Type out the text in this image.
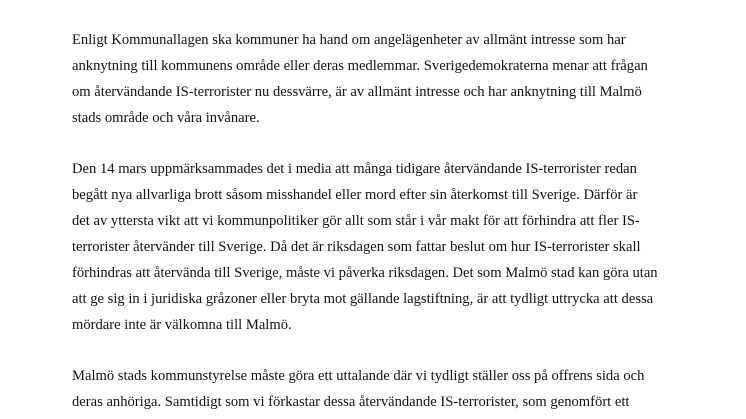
Enligt Kommunallagen ska kommuner ha hand om angelägenheter av allmänt intresse som har
anknytning till kommunens område eller deras medlemmar. Sverigedemokraterna menar att frågan
om återvändande IS-terrorister nu dessvärre, är av allmänt intresse och har anknytning till Malmö
stads område och våra invånare.
Den 14 mars uppmärksammades det i media att många tidigare återvändande IS-terrorister redan
begått nya allvarliga brott såsom misshandel eller mord efter sin återkomst till Sverige. Därför är
det av yttersta vikt att vi kommunpolitiker gör allt som står i vår makt för att förhindra att fler IS-
terrorister återvänder till Sverige. Då det är riksdagen som fattar beslut om hur IS-terrorister skall
förhindras att återvända till Sverige, måste vi påverka riksdagen. Det som Malmö stad kan göra utan
att ge sig in i juridiska gråzoner eller bryta mot gällande lagstiftning, är att tydligt uttrycka att dessa
mördare inte är välkomna till Malmö.
Malmö stads kommunstyrelse måste göra ett uttalande där vi tydligt ställer oss på offrens sida och
deras anhöriga. Samtidigt som vi förkastar dessa återvändande IS-terrorister, som genomfört ett
